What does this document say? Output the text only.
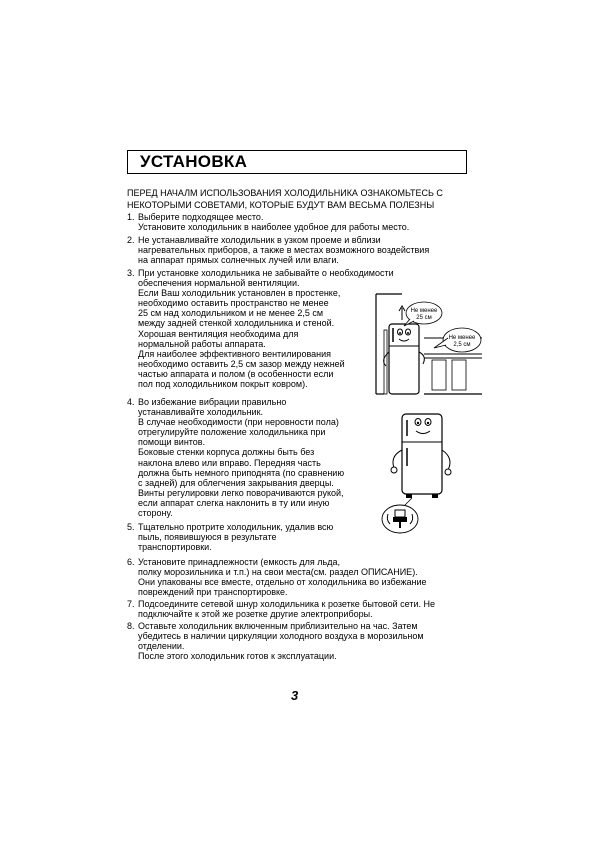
УСТАНОВКА
ПЕРЕД НАЧАЛМ ИСПОЛЬЗОВАНИЯ ХОЛОДИЛЬНИКА ОЗНАКОМЬТЕСЬ С
НЕКОТОРЫМИ СОВЕТАМИ, КОТОРЫЕ БУДУТ ВАМ ВЕСЬМА ПОЛЕЗНЫ
1. Выберите подходящее место.
Установите холодильник в наиболее удобное для работы место.
2. Не устанавливайте холодильник в узком проеме и вблизи
нагревательных приборов, а также в местах возможного воздействия
на аппарат прямых солнечных лучей или влаги.
3. При установке холодильника не забывайте о необходимости
обеспечения нормальной вентиляции.
Если Ваш холодильник установлен в простенке,
необходимо оставить пространство не менее
25 см над холодильником и не менее 2,5 см
между задней стенкой холодильника и стеной.
Хорошая вентиляция необходима для
нормальной работы аппарата.
Для наиболее эффективного вентилирования
необходимо оставить 2,5 см зазор между нежней
частью аппарата и полом (в особенности если
пол под холодильником покрыт ковром).
4. Во избежание вибрации правильно
устанавливайте холодильник.
В случае необходимости (при неровности пола)
отрегулируйте положение холодильника при
помощи винтов.
Боковые стенки корпуса должны быть без
наклона влево или вправо. Передняя часть
должна быть немного приподнята (по сравнению
с задней) для облегчения закрывания дверцы.
Винты регулировки легко поворачиваются рукой,
если аппарат слегка наклонить в ту или иную
сторону.
5. Тщательно протрите холодильник, удалив всю
пыль, появившуюся в результате
транспортировки.
6. Установите принадлежности (емкость для льда,
полку морозильника и т.п.) на свои места(см. раздел ОПИСАНИЕ).
Они упакованы все вместе, отдельно от холодильника во избежание
повреждений при транспортировке.
7. Подсоедините сетевой шнур холодильника к розетке бытовой сети. Не
подключайте к этой же розетке другие электроприборы.
8. Оставьте холодильник включенным приблизительно на час. Затем
убедитесь в наличии циркуляции холодного воздуха в морозильном
отделении.
После этого холодильник готов к эксплуатации.
Не менее
25 см
Не менее
2,5 см
3
